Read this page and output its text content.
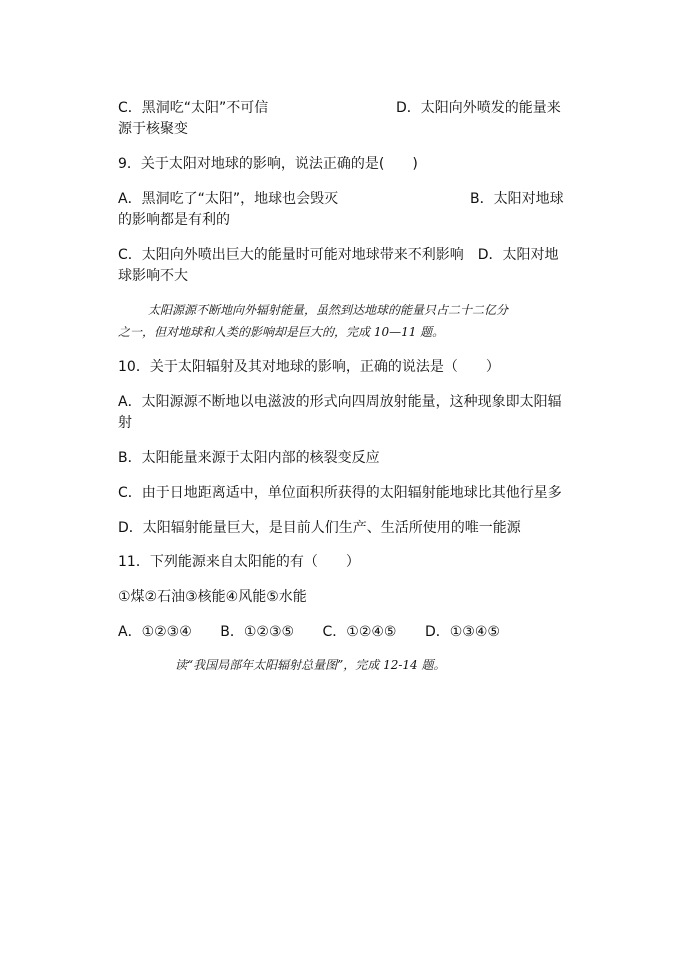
C．黑洞吃“太阳”不可信	D．太阳向外喷发的能量来
源于核聚变
9．关于太阳对地球的影响，说法正确的是(　　)
A．黑洞吃了“太阳”，地球也会毁灭	B．太阳对地球
的影响都是有利的
C．太阳向外喷出巨大的能量时可能对地球带来不利影响　D．太阳对地
球影响不大
太阳源源不断地向外辐射能量，虽然到达地球的能量只占二十二亿分
之一，但对地球和人类的影响却是巨大的，完成 10—11 题。
10．关于太阳辐射及其对地球的影响，正确的说法是（　　）
A．太阳源源不断地以电滋波的形式向四周放射能量，这种现象即太阳辐
射
B．太阳能量来源于太阳内部的核裂变反应
C．由于日地距离适中，单位面积所获得的太阳辐射能地球比其他行星多
D．太阳辐射能量巨大，是目前人们生产、生活所使用的唯一能源
11．下列能源来自太阳能的有（　　）
①煤②石油③核能④风能⑤水能
A．①②③④ B．①②③⑤ C．①②④⑤ D．①③④⑤
读“我国局部年太阳辐射总量图”，完成 12-14 题。
